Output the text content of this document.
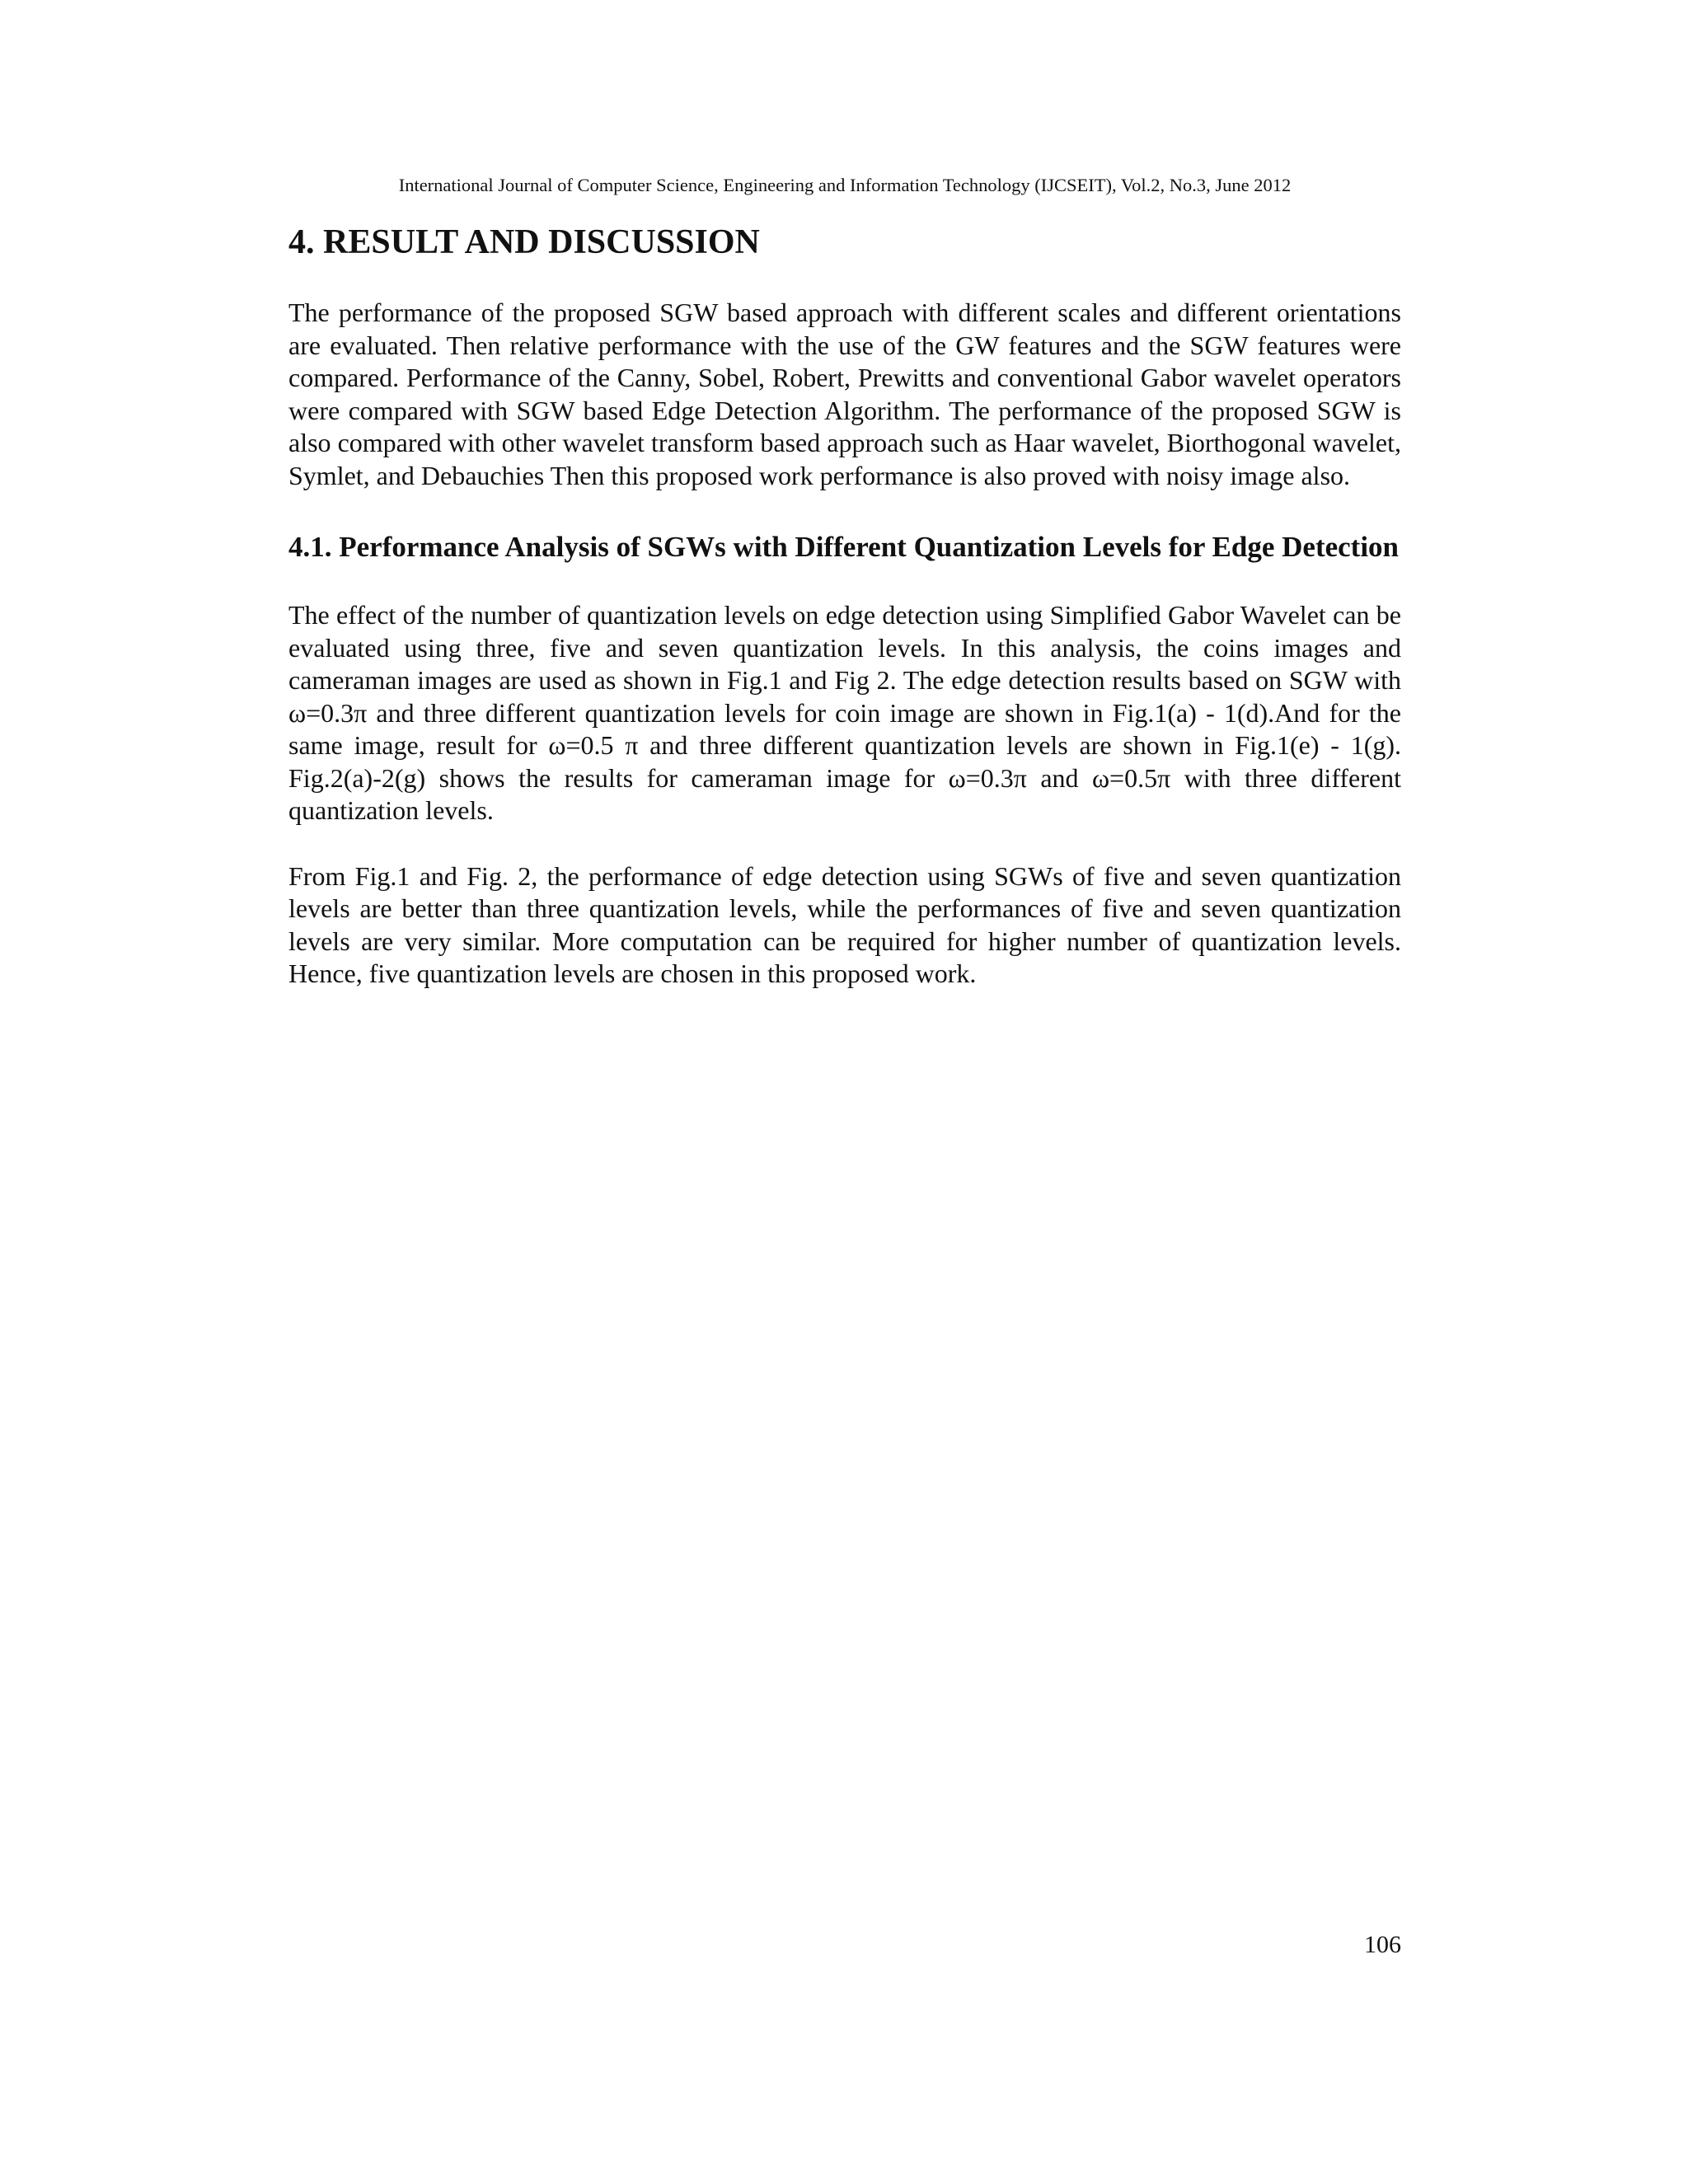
International Journal of Computer Science, Engineering and Information Technology (IJCSEIT), Vol.2, No.3, June 2012
4. RESULT AND DISCUSSION

The performance of the proposed SGW based approach with different scales and different orientations are evaluated. Then relative performance with the use of the GW features and the SGW features were compared. Performance of the Canny, Sobel, Robert, Prewitts and conventional Gabor wavelet operators were compared with SGW based Edge Detection Algorithm. The performance of the proposed SGW is also compared with other wavelet transform based approach such as Haar wavelet, Biorthogonal wavelet, Symlet, and Debauchies Then this proposed work performance is also proved with noisy image also.

4.1. Performance Analysis of SGWs with Different Quantization Levels for Edge Detection

The effect of the number of quantization levels on edge detection using Simplified Gabor Wavelet can be evaluated using three, five and seven quantization levels. In this analysis, the coins images and cameraman images are used as shown in Fig.1 and Fig 2. The edge detection results based on SGW with ω=0.3π and three different quantization levels for coin image are shown in Fig.1(a) - 1(d).And for the same image, result for ω=0.5 π and three different quantization levels are shown in Fig.1(e) - 1(g). Fig.2(a)-2(g) shows the results for cameraman image for ω=0.3π and ω=0.5π with three different quantization levels.

From Fig.1 and Fig. 2, the performance of edge detection using SGWs of five and seven quantization levels are better than three quantization levels, while the performances of five and seven quantization levels are very similar. More computation can be required for higher number of quantization levels. Hence, five quantization levels are chosen in this proposed work.

106
